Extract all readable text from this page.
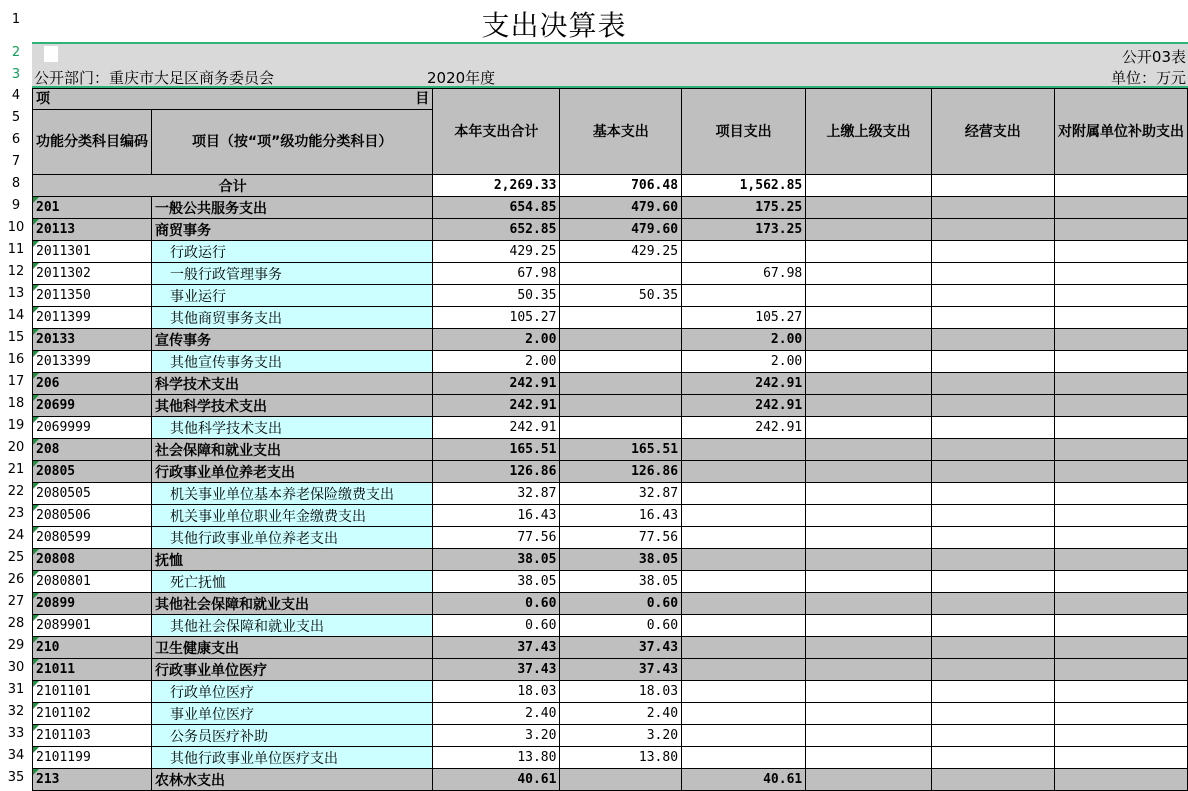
1
2
3
4
5
6
7
8
9
10
11
12
13
14
15
16
17
18
19
20
21
22
23
24
25
26
27
28
29
30
31
32
33
34
35
支出决算表
公开03表
公开部门：重庆市大足区商务委员会	2020年度	单位：万元
项 目		本年支出合计	基本支出	项目支出	上缴上级支出	经营支出	对附属单位补助支出
功能分类科目编码	项目（按“项”级功能分类科目）						
合计		2,269.33	706.48	1,562.85			
201	一般公共服务支出	654.85	479.60	175.25			
20113	商贸事务	652.85	479.60	173.25			
2011301	行政运行	429.25	429.25				
2011302	一般行政管理事务	67.98		67.98			
2011350	事业运行	50.35	50.35				
2011399	其他商贸事务支出	105.27		105.27			
20133	宣传事务	2.00		2.00			
2013399	其他宣传事务支出	2.00		2.00			
206	科学技术支出	242.91		242.91			
20699	其他科学技术支出	242.91		242.91			
2069999	其他科学技术支出	242.91		242.91			
208	社会保障和就业支出	165.51	165.51				
20805	行政事业单位养老支出	126.86	126.86				
2080505	机关事业单位基本养老保险缴费支出	32.87	32.87				
2080506	机关事业单位职业年金缴费支出	16.43	16.43				
2080599	其他行政事业单位养老支出	77.56	77.56				
20808	抚恤	38.05	38.05				
2080801	死亡抚恤	38.05	38.05				
20899	其他社会保障和就业支出	0.60	0.60				
2089901	其他社会保障和就业支出	0.60	0.60				
210	卫生健康支出	37.43	37.43				
21011	行政事业单位医疗	37.43	37.43				
2101101	行政单位医疗	18.03	18.03				
2101102	事业单位医疗	2.40	2.40				
2101103	公务员医疗补助	3.20	3.20				
2101199	其他行政事业单位医疗支出	13.80	13.80				
213	农林水支出	40.61		40.61			
